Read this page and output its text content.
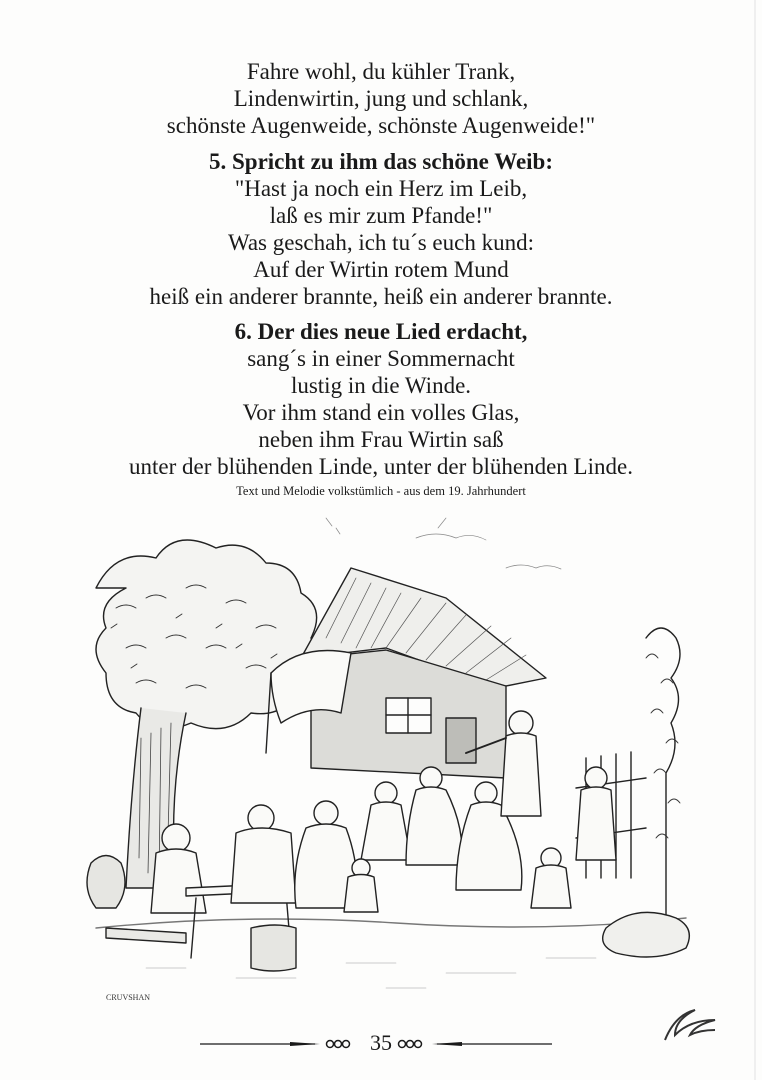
Fahre wohl, du kühler Trank,
Lindenwirtin, jung und schlank,
schönste Augenweide, schönste Augenweide!"
5. Spricht zu ihm das schöne Weib:
"Hast ja noch ein Herz im Leib,
laß es mir zum Pfande!"
Was geschah, ich tu´s euch kund:
Auf der Wirtin rotem Mund
heiß ein anderer brannte, heiß ein anderer brannte.
6. Der dies neue Lied erdacht,
sang´s in einer Sommernacht
lustig in die Winde.
Vor ihm stand ein volles Glas,
neben ihm Frau Wirtin saß
unter der blühenden Linde, unter der blühenden Linde.
Text und Melodie volkstümlich - aus dem 19. Jahrhundert
CRUVSHAN
35
